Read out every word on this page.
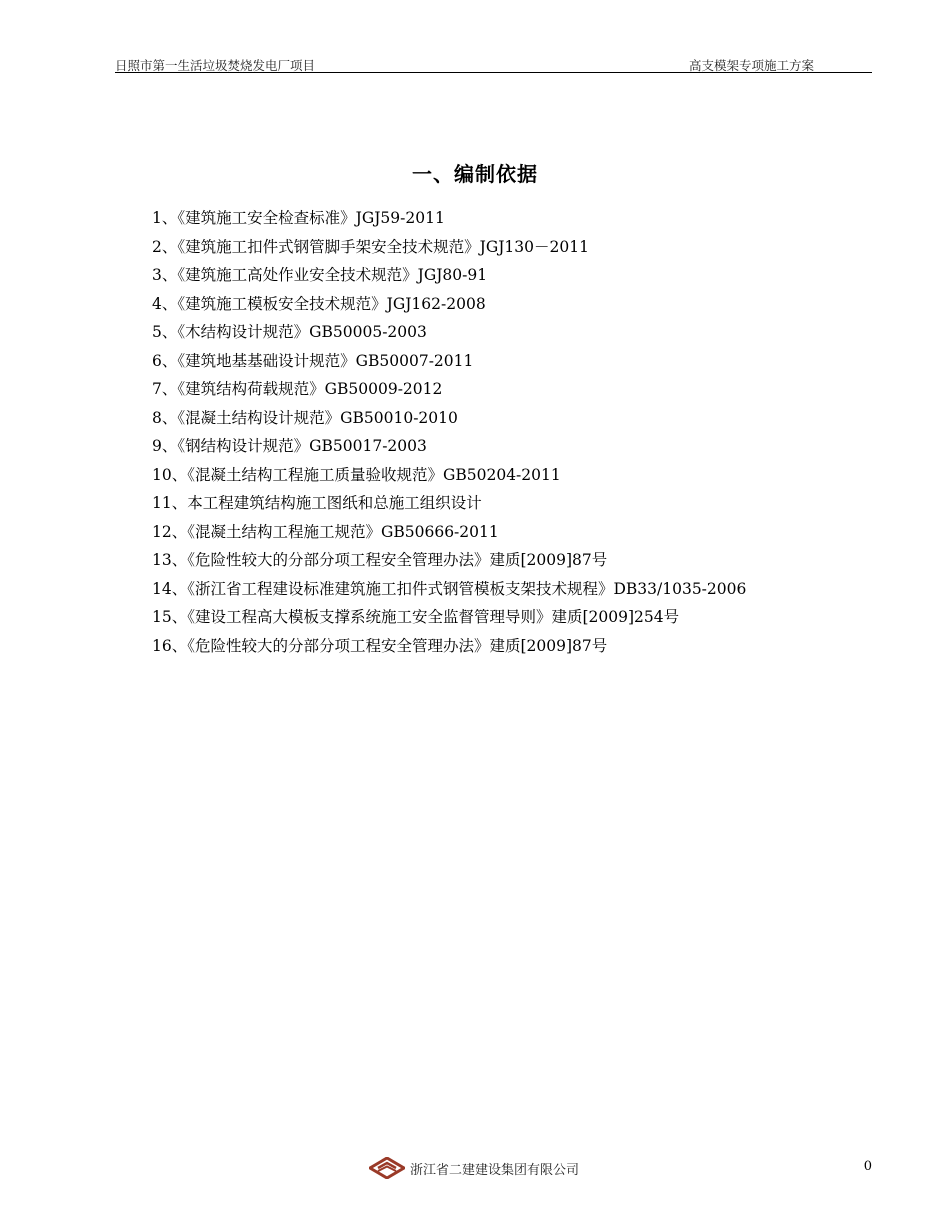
日照市第一生活垃圾焚烧发电厂项目	高支模架专项施工方案
一、编制依据
1、《建筑施工安全检查标准》JGJ59-2011
2、《建筑施工扣件式钢管脚手架安全技术规范》JGJ130－2011
3、《建筑施工高处作业安全技术规范》JGJ80-91
4、《建筑施工模板安全技术规范》JGJ162-2008
5、《木结构设计规范》GB50005-2003
6、《建筑地基基础设计规范》GB50007-2011
7、《建筑结构荷载规范》GB50009-2012
8、《混凝土结构设计规范》GB50010-2010
9、《钢结构设计规范》GB50017-2003
10、《混凝土结构工程施工质量验收规范》GB50204-2011
11、本工程建筑结构施工图纸和总施工组织设计
12、《混凝土结构工程施工规范》GB50666-2011
13、《危险性较大的分部分项工程安全管理办法》建质[2009]87号
14、《浙江省工程建设标准建筑施工扣件式钢管模板支架技术规程》DB33/1035-2006
15、《建设工程高大模板支撑系统施工安全监督管理导则》建质[2009]254号
16、《危险性较大的分部分项工程安全管理办法》建质[2009]87号
浙江省二建建设集团有限公司	0
